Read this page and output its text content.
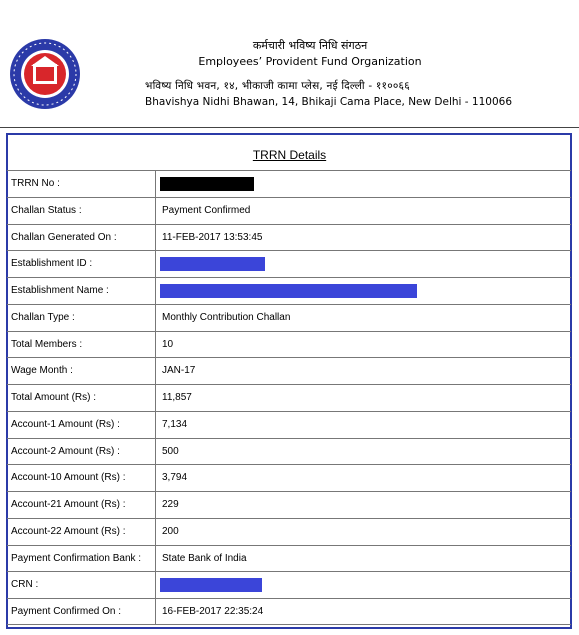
कर्मचारी भविष्य निधि संगठन
Employees’ Provident Fund Organization
भविष्य निधि भवन, १४, भीकाजी कामा प्लेस, नई दिल्ली - ११००६६
Bhavishya Nidhi Bhawan, 14, Bhikaji Cama Place, New Delhi - 110066
TRRN Details
TRRN No :
Challan Status :	Payment Confirmed
Challan Generated On :	11-FEB-2017 13:53:45
Establishment ID :
Establishment Name :
Challan Type :	Monthly Contribution Challan
Total Members :	10
Wage Month :	JAN-17
Total Amount (Rs) :	11,857
Account-1 Amount (Rs) :	7,134
Account-2 Amount (Rs) :	500
Account-10 Amount (Rs) :	3,794
Account-21 Amount (Rs) :	229
Account-22 Amount (Rs) :	200
Payment Confirmation Bank : State Bank of India
CRN :
Payment Confirmed On :	16-FEB-2017 22:35:24
